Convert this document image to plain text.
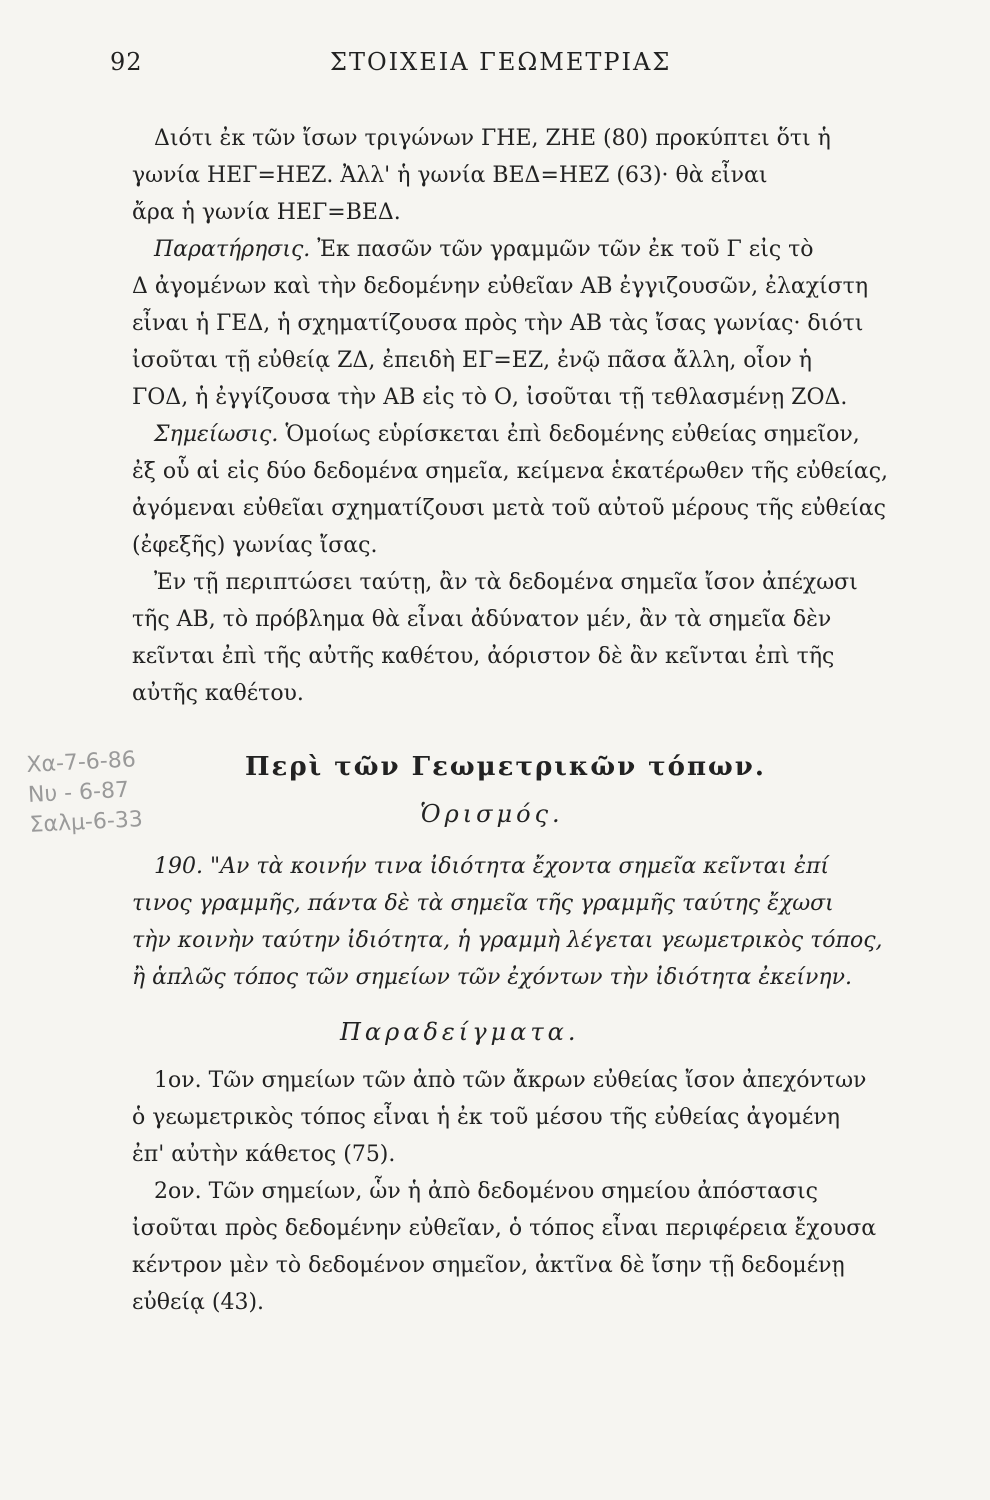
92	ΣΤΟΙΧΕΙΑ ΓΕΩΜΕΤΡΙΑΣ
Διότι ἐκ τῶν ἴσων τριγώνων ΓΗΕ, ΖΗΕ (80) προκύπτει ὅτι ἡ
γωνία ΗΕΓ=ΗΕΖ. Ἀλλ' ἡ γωνία ΒΕΔ=ΗΕΖ (63)· θὰ εἶναι
ἄρα ἡ γωνία ΗΕΓ=ΒΕΔ.
Παρατήρησις. Ἐκ πασῶν τῶν γραμμῶν τῶν ἐκ τοῦ Γ εἰς τὸ
Δ ἀγομένων καὶ τὴν δεδομένην εὐθεῖαν ΑΒ ἐγγιζουσῶν, ἐλαχίστη
εἶναι ἡ ΓΕΔ, ἡ σχηματίζουσα πρὸς τὴν ΑΒ τὰς ἴσας γωνίας· διότι
ἰσοῦται τῇ εὐθείᾳ ΖΔ, ἐπειδὴ ΕΓ=ΕΖ, ἐνῷ πᾶσα ἄλλη, οἷον ἡ
ΓΟΔ, ἡ ἐγγίζουσα τὴν ΑΒ εἰς τὸ Ο, ἰσοῦται τῇ τεθλασμένῃ ΖΟΔ.
Σημείωσις. Ὁμοίως εὑρίσκεται ἐπὶ δεδομένης εὐθείας σημεῖον,
ἐξ οὗ αἱ εἰς δύο δεδομένα σημεῖα, κείμενα ἑκατέρωθεν τῆς εὐθείας,
ἀγόμεναι εὐθεῖαι σχηματίζουσι μετὰ τοῦ αὐτοῦ μέρους τῆς εὐθείας
(ἐφεξῆς) γωνίας ἴσας.
Ἐν τῇ περιπτώσει ταύτῃ, ἂν τὰ δεδομένα σημεῖα ἴσον ἀπέχωσι
τῆς ΑΒ, τὸ πρόβλημα θὰ εἶναι ἀδύνατον μέν, ἂν τὰ σημεῖα δὲν
κεῖνται ἐπὶ τῆς αὐτῆς καθέτου, ἀόριστον δὲ ἂν κεῖνται ἐπὶ τῆς
αὐτῆς καθέτου.
Χα-7-6-86
Νυ - 6-87
Σαλμ-6-33
Περὶ τῶν Γεωμετρικῶν τόπων.
Ὁρισμός.
190. "Αν τὰ κοινήν τινα ἰδιότητα ἔχοντα σημεῖα κεῖνται ἐπί
τινος γραμμῆς, πάντα δὲ τὰ σημεῖα τῆς γραμμῆς ταύτης ἔχωσι
τὴν κοινὴν ταύτην ἰδιότητα, ἡ γραμμὴ λέγεται γεωμετρικὸς τόπος,
ἢ ἁπλῶς τόπος τῶν σημείων τῶν ἐχόντων τὴν ἰδιότητα ἐκείνην.
Παραδείγματα.
1ον. Τῶν σημείων τῶν ἀπὸ τῶν ἄκρων εὐθείας ἴσον ἀπεχόντων
ὁ γεωμετρικὸς τόπος εἶναι ἡ ἐκ τοῦ μέσου τῆς εὐθείας ἀγομένη
ἐπ' αὐτὴν κάθετος (75).
2ον. Τῶν σημείων, ὧν ἡ ἀπὸ δεδομένου σημείου ἀπόστασις
ἰσοῦται πρὸς δεδομένην εὐθεῖαν, ὁ τόπος εἶναι περιφέρεια ἔχουσα
κέντρον μὲν τὸ δεδομένον σημεῖον, ἀκτῖνα δὲ ἴσην τῇ δεδομένῃ
εὐθείᾳ (43).
